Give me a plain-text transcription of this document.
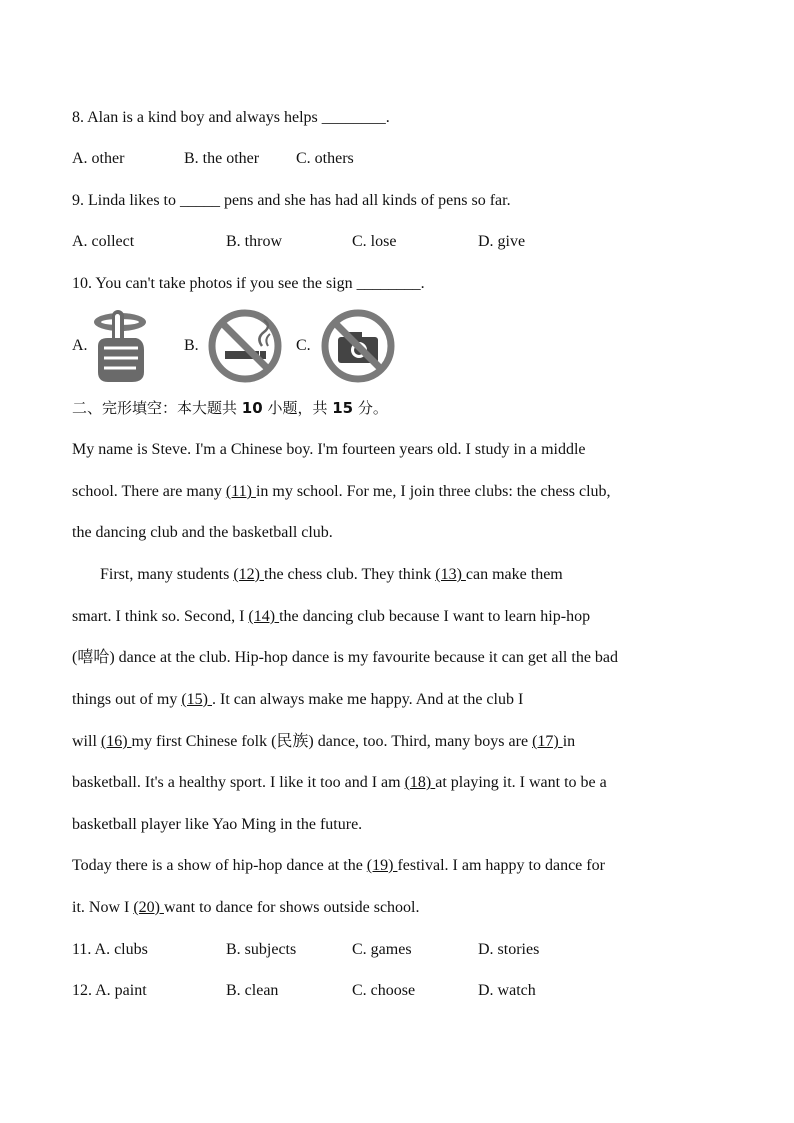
8. Alan is a kind boy and always helps ________.
A. other	B. the other C. others
9. Linda likes to _____ pens and she has had all kinds of pens so far.
A. collect	B. throw	C. lose	D. give
10. You can't take photos if you see the sign ________.
A.	B.	C.
二、完形填空：本大题共 10 小题，共 15 分。
My name is Steve. I'm a Chinese boy. I'm fourteen years old. I study in a middle
school. There are many (11) in my school. For me, I join three clubs: the chess club,
the dancing club and the basketball club.
First, many students (12) the chess club. They think (13) can make them
smart. I think so. Second, I (14) the dancing club because I want to learn hip-hop
(嘻哈) dance at the club. Hip-hop dance is my favourite because it can get all the bad
things out of my (15) . It can always make me happy. And at the club I
will (16) my first Chinese folk (民族) dance, too. Third, many boys are (17) in
basketball. It's a healthy sport. I like it too and I am (18) at playing it. I want to be a
basketball player like Yao Ming in the future.
Today there is a show of hip-hop dance at the (19) festival. I am happy to dance for
it. Now I (20) want to dance for shows outside school.
11. A. clubs	B. subjects	C. games	D. stories
12. A. paint	B. clean	C. choose	D. watch
